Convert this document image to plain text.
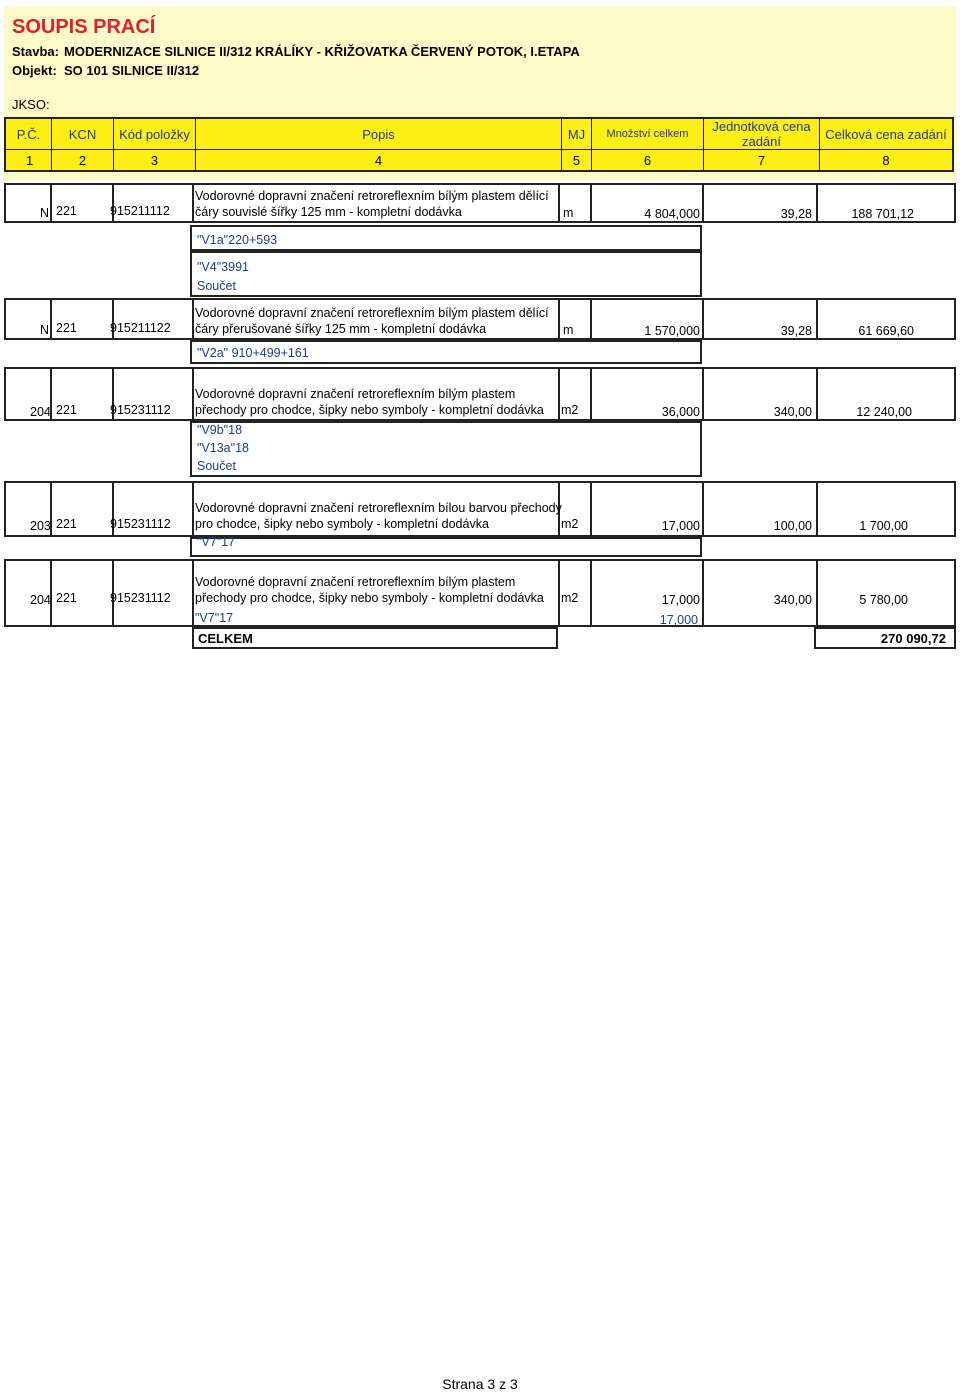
SOUPIS PRACÍ
Stavba: MODERNIZACE SILNICE II/312 KRÁLÍKY - KŘIŽOVATKA ČERVENÝ POTOK, I.ETAPA
Objekt: SO 101 SILNICE II/312
JKSO:
P.Č.	KCN	Kód položky	Popis	MJ	Množství celkem	Jednotková cena zadání	Celková cena zadání
1	2	3	4	5	6	7	8
N 221	915211112
Vodorovné dopravní značení retroreflexním bílým plastem dělící
čáry souvislé šířky 125 mm - kompletní dodávka	m	4 804,000	39,28	188 701,12
"V1a"220+593
"V4"3991
Součet
N 221	915211122
Vodorovné dopravní značení retroreflexním bílým plastem dělící
čáry přerušované šířky 125 mm - kompletní dodávka	m	1 570,000	39,28	61 669,60
"V2a" 910+499+161
204 221	915231112
Vodorovné dopravní značení retroreflexním bílým plastem
přechody pro chodce, šipky nebo symboly - kompletní dodávka m2	36,000	340,00	12 240,00
"V9b"18
"V13a"18
Součet
203 221	915231112
Vodorovné dopravní značení retroreflexním bílou barvou přechody
pro chodce, šipky nebo symboly - kompletní dodávka	m2	17,000	100,00	1 700,00
"V7"17
204 221	915231112
Vodorovné dopravní značení retroreflexním bílým plastem
přechody pro chodce, šipky nebo symboly - kompletní dodávka m2	17,000	340,00	5 780,00
"V7"17	17,000
CELKEM	270 090,72
Strana 3 z 3
